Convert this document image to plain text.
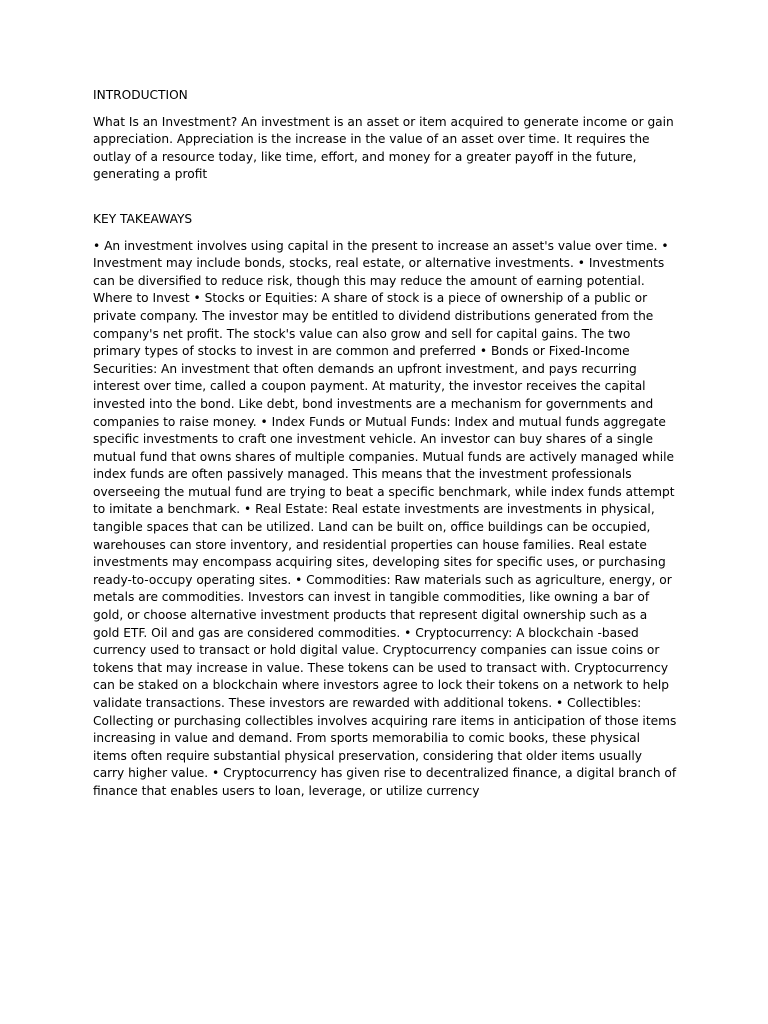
INTRODUCTION

What Is an Investment? An investment is an asset or item acquired to generate income or gain appreciation. Appreciation is the increase in the value of an asset over time. It requires the outlay of a resource today, like time, effort, and money for a greater payoff in the future, generating a profit

KEY TAKEAWAYS

• An investment involves using capital in the present to increase an asset's value over time. • Investment may include bonds, stocks, real estate, or alternative investments. • Investments can be diversified to reduce risk, though this may reduce the amount of earning potential. Where to Invest • Stocks or Equities: A share of stock is a piece of ownership of a public or private company. The investor may be entitled to dividend distributions generated from the company's net profit. The stock's value can also grow and sell for capital gains. The two primary types of stocks to invest in are common and preferred • Bonds or Fixed-Income Securities: An investment that often demands an upfront investment, and pays recurring interest over time, called a coupon payment. At maturity, the investor receives the capital invested into the bond. Like debt, bond investments are a mechanism for governments and companies to raise money. • Index Funds or Mutual Funds: Index and mutual funds aggregate specific investments to craft one investment vehicle. An investor can buy shares of a single mutual fund that owns shares of multiple companies. Mutual funds are actively managed while index funds are often passively managed. This means that the investment professionals overseeing the mutual fund are trying to beat a specific benchmark, while index funds attempt to imitate a benchmark. • Real Estate: Real estate investments are investments in physical, tangible spaces that can be utilized. Land can be built on, office buildings can be occupied, warehouses can store inventory, and residential properties can house families. Real estate investments may encompass acquiring sites, developing sites for specific uses, or purchasing ready-to-occupy operating sites. • Commodities: Raw materials such as agriculture, energy, or metals are commodities. Investors can invest in tangible commodities, like owning a bar of gold, or choose alternative investment products that represent digital ownership such as a gold ETF. Oil and gas are considered commodities. • Cryptocurrency: A blockchain -based currency used to transact or hold digital value. Cryptocurrency companies can issue coins or tokens that may increase in value. These tokens can be used to transact with. Cryptocurrency can be staked on a blockchain where investors agree to lock their tokens on a network to help validate transactions. These investors are rewarded with additional tokens. • Collectibles: Collecting or purchasing collectibles involves acquiring rare items in anticipation of those items increasing in value and demand. From sports memorabilia to comic books, these physical items often require substantial physical preservation, considering that older items usually carry higher value. • Cryptocurrency has given rise to decentralized finance, a digital branch of finance that enables users to loan, leverage, or utilize currency
